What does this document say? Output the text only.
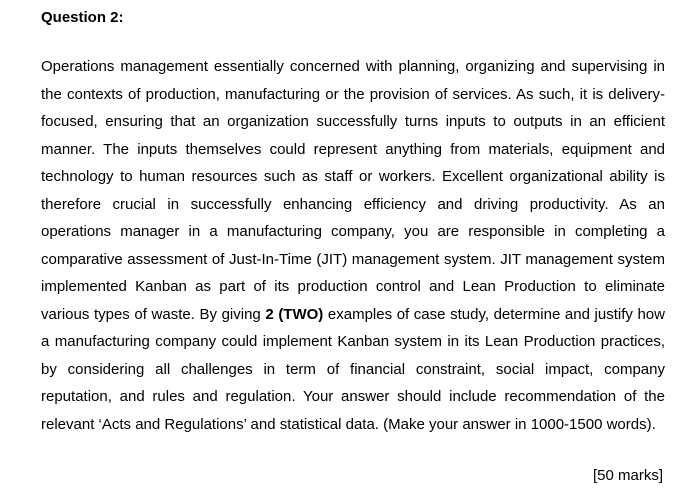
Question 2:

Operations management essentially concerned with planning, organizing and supervising in the contexts of production, manufacturing or the provision of services. As such, it is delivery-focused, ensuring that an organization successfully turns inputs to outputs in an efficient manner. The inputs themselves could represent anything from materials, equipment and technology to human resources such as staff or workers. Excellent organizational ability is therefore crucial in successfully enhancing efficiency and driving productivity. As an operations manager in a manufacturing company, you are responsible in completing a comparative assessment of Just-In-Time (JIT) management system. JIT management system implemented Kanban as part of its production control and Lean Production to eliminate various types of waste. By giving 2 (TWO) examples of case study, determine and justify how a manufacturing company could implement Kanban system in its Lean Production practices, by considering all challenges in term of financial constraint, social impact, company reputation, and rules and regulation. Your answer should include recommendation of the relevant ‘Acts and Regulations’ and statistical data. (Make your answer in 1000-1500 words).

[50 marks]
